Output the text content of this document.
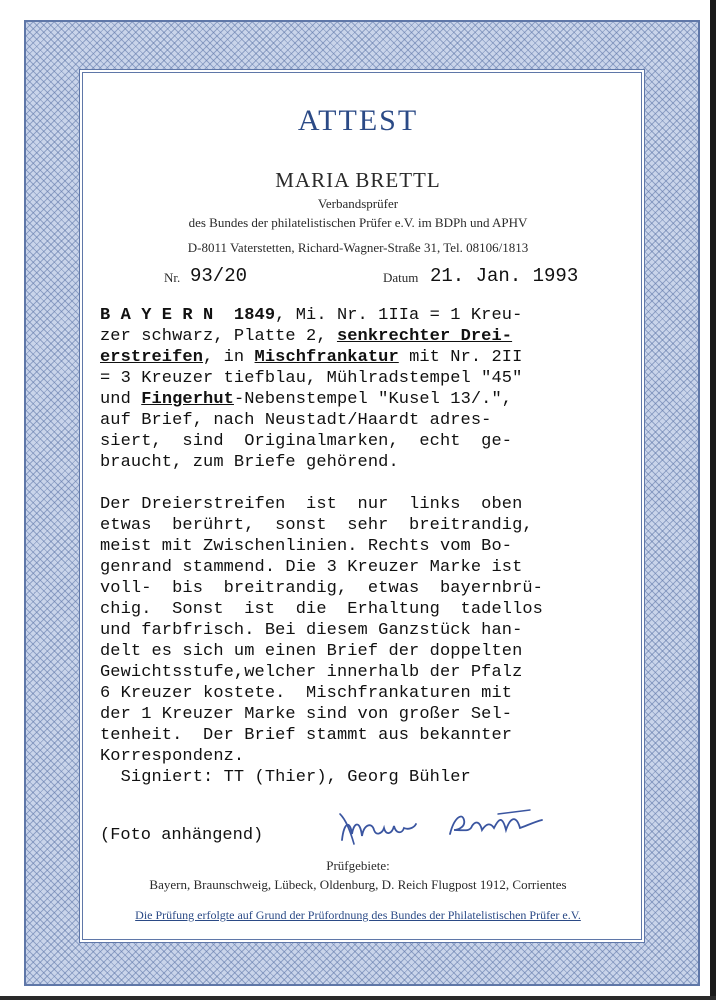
ATTEST
MARIA BRETTL
Verbandsprüfer
des Bundes der philatelistischen Prüfer e.V. im BDPh und APHV
D-8011 Vaterstetten, Richard-Wagner-Straße 31, Tel. 08106/1813
Nr. 93/20	Datum 21. Jan. 1993
B A Y E R N  1849, Mi. Nr. 1IIa = 1 Kreu-
zer schwarz, Platte 2, senkrechter Drei-
erstreifen, in Mischfrankatur mit Nr. 2II
= 3 Kreuzer tiefblau, Mühlradstempel "45"
und Fingerhut-Nebenstempel "Kusel 13/.",
auf Brief, nach Neustadt/Haardt adres-
siert,  sind  Originalmarken,  echt  ge-
braucht, zum Briefe gehörend.
Der Dreierstreifen  ist  nur  links  oben
etwas  berührt,  sonst  sehr  breitrandig,
meist mit Zwischenlinien. Rechts vom Bo-
genrand stammend. Die 3 Kreuzer Marke ist
voll-  bis  breitrandig,  etwas  bayernbrü-
chig.  Sonst  ist  die  Erhaltung  tadellos
und farbfrisch. Bei diesem Ganzstück han-
delt es sich um einen Brief der doppelten
Gewichtsstufe,welcher innerhalb der Pfalz
6 Kreuzer kostete.  Mischfrankaturen mit
der 1 Kreuzer Marke sind von großer Sel-
tenheit.  Der Brief stammt aus bekannter
Korrespondenz.
Signiert: TT (Thier), Georg Bühler
(Foto anhängend)
Prüfgebiete:
Bayern, Braunschweig, Lübeck, Oldenburg, D. Reich Flugpost 1912, Corrientes
Die Prüfung erfolgte auf Grund der Prüfordnung des Bundes der Philatelistischen Prüfer e.V.
